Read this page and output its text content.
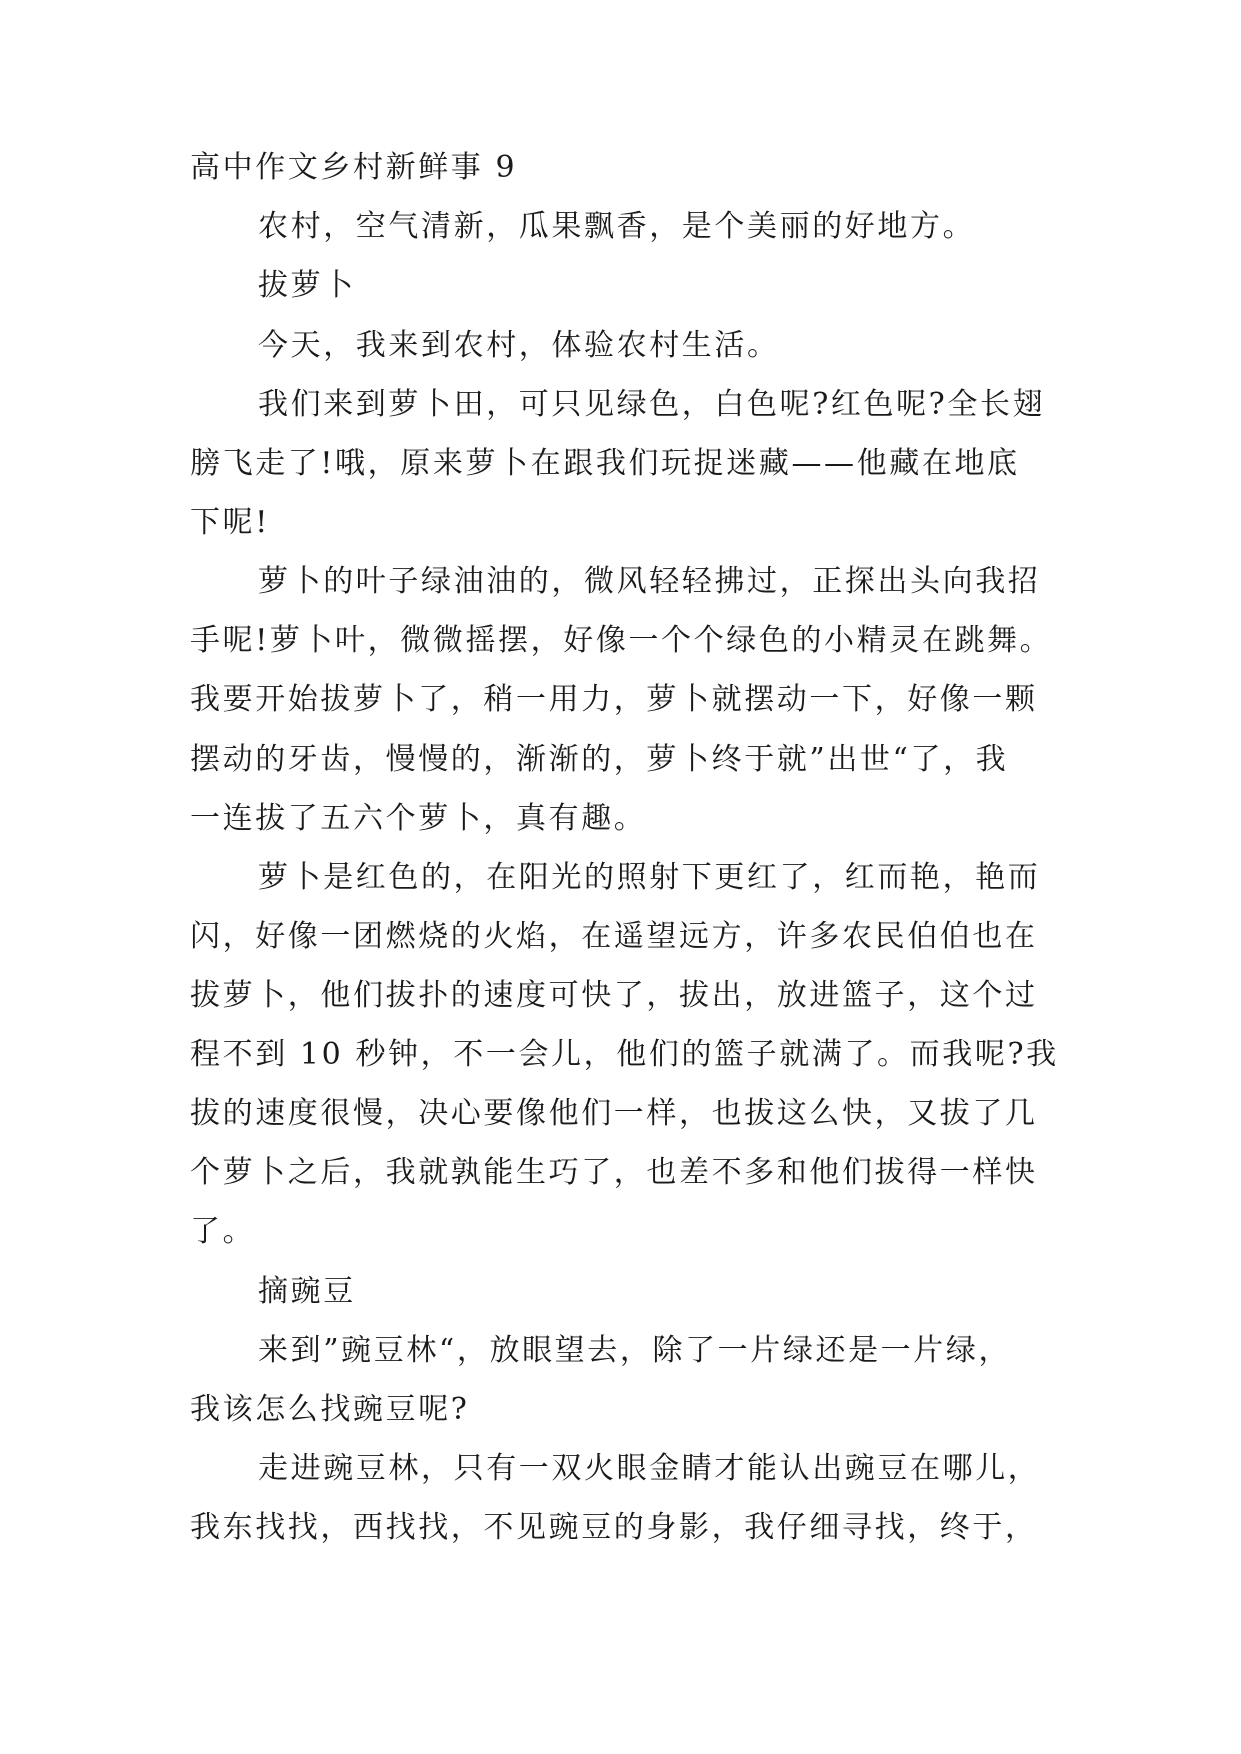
高中作文乡村新鲜事 9

农村，空气清新，瓜果飘香，是个美丽的好地方。

拔萝卜

今天，我来到农村，体验农村生活。

我们来到萝卜田，可只见绿色，白色呢?红色呢?全长翅

膀飞走了!哦，原来萝卜在跟我们玩捉迷藏——他藏在地底

下呢!

萝卜的叶子绿油油的，微风轻轻拂过，正探出头向我招

手呢!萝卜叶，微微摇摆，好像一个个绿色的小精灵在跳舞。

我要开始拔萝卜了，稍一用力，萝卜就摆动一下，好像一颗

摆动的牙齿，慢慢的，渐渐的，萝卜终于就”出世“了，我

一连拔了五六个萝卜，真有趣。

萝卜是红色的，在阳光的照射下更红了，红而艳，艳而

闪，好像一团燃烧的火焰，在遥望远方，许多农民伯伯也在

拔萝卜，他们拔扑的速度可快了，拔出，放进篮子，这个过

程不到 10 秒钟，不一会儿，他们的篮子就满了。而我呢?我

拔的速度很慢，决心要像他们一样，也拔这么快，又拔了几

个萝卜之后，我就孰能生巧了，也差不多和他们拔得一样快

了。

摘豌豆

来到”豌豆林“，放眼望去，除了一片绿还是一片绿，

我该怎么找豌豆呢?

走进豌豆林，只有一双火眼金睛才能认出豌豆在哪儿，

我东找找，西找找，不见豌豆的身影，我仔细寻找，终于，
